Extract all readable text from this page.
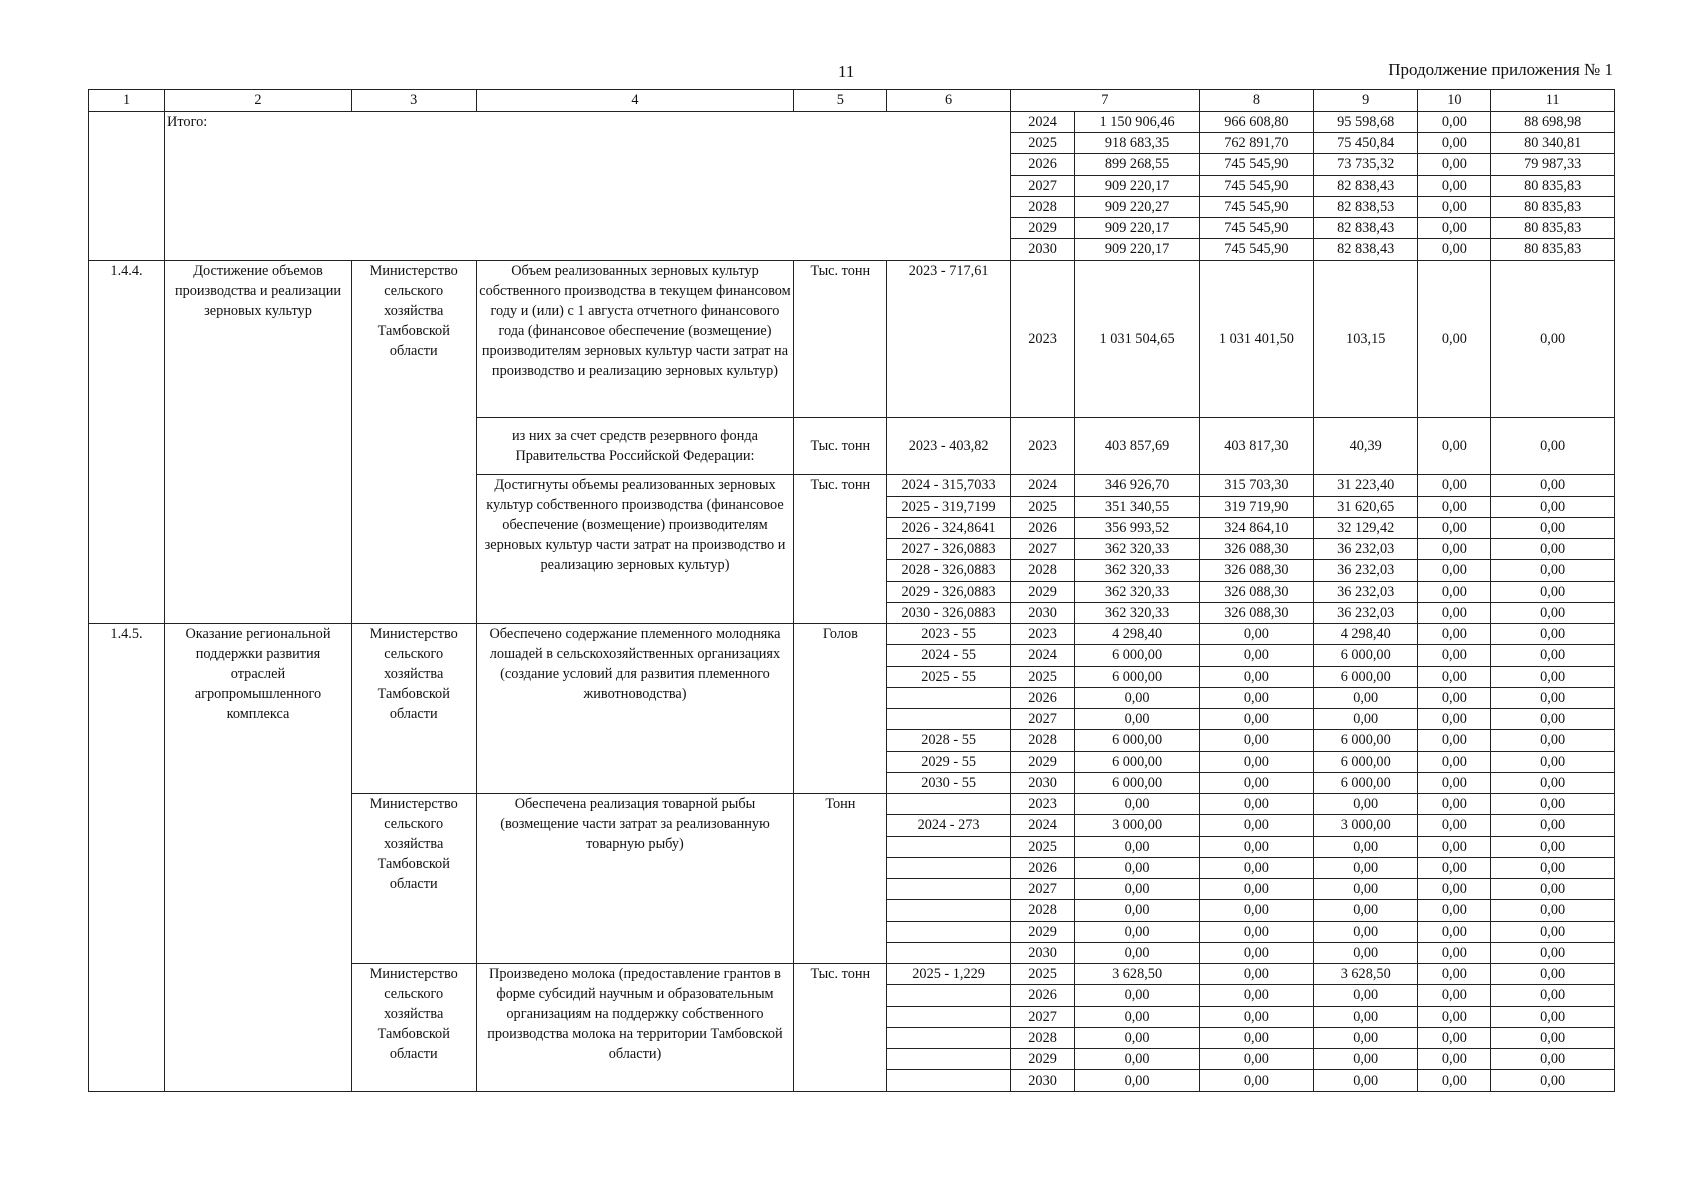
11	Продолжение приложения № 1
1	2	3	4	5	6	7		8	9	10	11
	Итого:					2024	1 150 906,46	966 608,80	95 598,68	0,00	88 698,98
						2025	918 683,35	762 891,70	75 450,84	0,00	80 340,81
						2026	899 268,55	745 545,90	73 735,32	0,00	79 987,33
						2027	909 220,17	745 545,90	82 838,43	0,00	80 835,83
						2028	909 220,27	745 545,90	82 838,53	0,00	80 835,83
						2029	909 220,17	745 545,90	82 838,43	0,00	80 835,83
						2030	909 220,17	745 545,90	82 838,43	0,00	80 835,83
1.4.4.	Достижение объемов производства и реализации зерновых культур	Министерство сельского хозяйства Тамбовской области	Объем реализованных зерновых культур собственного производства в текущем финансовом году и (или) с 1 августа отчетного финансового года (финансовое обеспечение (возмещение) производителям зерновых культур части затрат на производство и реализацию зерновых культур)	Тыс. тонн	2023 - 717,61	2023	1 031 504,65	1 031 401,50	103,15	0,00	0,00
			из них за счет средств резервного фонда Правительства Российской Федерации:	Тыс. тонн	2023 - 403,82	2023	403 857,69	403 817,30	40,39	0,00	0,00
			Достигнуты объемы реализованных зерновых культур собственного производства (финансовое обеспечение (возмещение) производителям зерновых культур части затрат на производство и реализацию зерновых культур)	Тыс. тонн	2024 - 315,7033	2024	346 926,70	315 703,30	31 223,40	0,00	0,00
					2025 - 319,7199	2025	351 340,55	319 719,90	31 620,65	0,00	0,00
					2026 - 324,8641	2026	356 993,52	324 864,10	32 129,42	0,00	0,00
					2027 - 326,0883	2027	362 320,33	326 088,30	36 232,03	0,00	0,00
					2028 - 326,0883	2028	362 320,33	326 088,30	36 232,03	0,00	0,00
					2029 - 326,0883	2029	362 320,33	326 088,30	36 232,03	0,00	0,00
					2030 - 326,0883	2030	362 320,33	326 088,30	36 232,03	0,00	0,00
1.4.5.	Оказание региональной поддержки развития отраслей агропромышленного комплекса	Министерство сельского хозяйства Тамбовской области	Обеспечено содержание племенного молодняка лошадей в сельскохозяйственных организациях (создание условий для развития племенного животноводства)	Голов	2023 - 55	2023	4 298,40	0,00	4 298,40	0,00	0,00
					2024 - 55	2024	6 000,00	0,00	6 000,00	0,00	0,00
					2025 - 55	2025	6 000,00	0,00	6 000,00	0,00	0,00
						2026	0,00	0,00	0,00	0,00	0,00
						2027	0,00	0,00	0,00	0,00	0,00
					2028 - 55	2028	6 000,00	0,00	6 000,00	0,00	0,00
					2029 - 55	2029	6 000,00	0,00	6 000,00	0,00	0,00
					2030 - 55	2030	6 000,00	0,00	6 000,00	0,00	0,00
		Министерство сельского хозяйства Тамбовской области	Обеспечена реализация товарной рыбы (возмещение части затрат за реализованную товарную рыбу)	Тонн		2023	0,00	0,00	0,00	0,00	0,00
					2024 - 273	2024	3 000,00	0,00	3 000,00	0,00	0,00
						2025	0,00	0,00	0,00	0,00	0,00
						2026	0,00	0,00	0,00	0,00	0,00
						2027	0,00	0,00	0,00	0,00	0,00
						2028	0,00	0,00	0,00	0,00	0,00
						2029	0,00	0,00	0,00	0,00	0,00
						2030	0,00	0,00	0,00	0,00	0,00
		Министерство сельского хозяйства Тамбовской области	Произведено молока (предоставление грантов в форме субсидий научным и образовательным организациям на поддержку собственного производства молока на территории Тамбовской области)	Тыс. тонн	2025 - 1,229	2025	3 628,50	0,00	3 628,50	0,00	0,00
						2026	0,00	0,00	0,00	0,00	0,00
						2027	0,00	0,00	0,00	0,00	0,00
						2028	0,00	0,00	0,00	0,00	0,00
						2029	0,00	0,00	0,00	0,00	0,00
						2030	0,00	0,00	0,00	0,00	0,00
